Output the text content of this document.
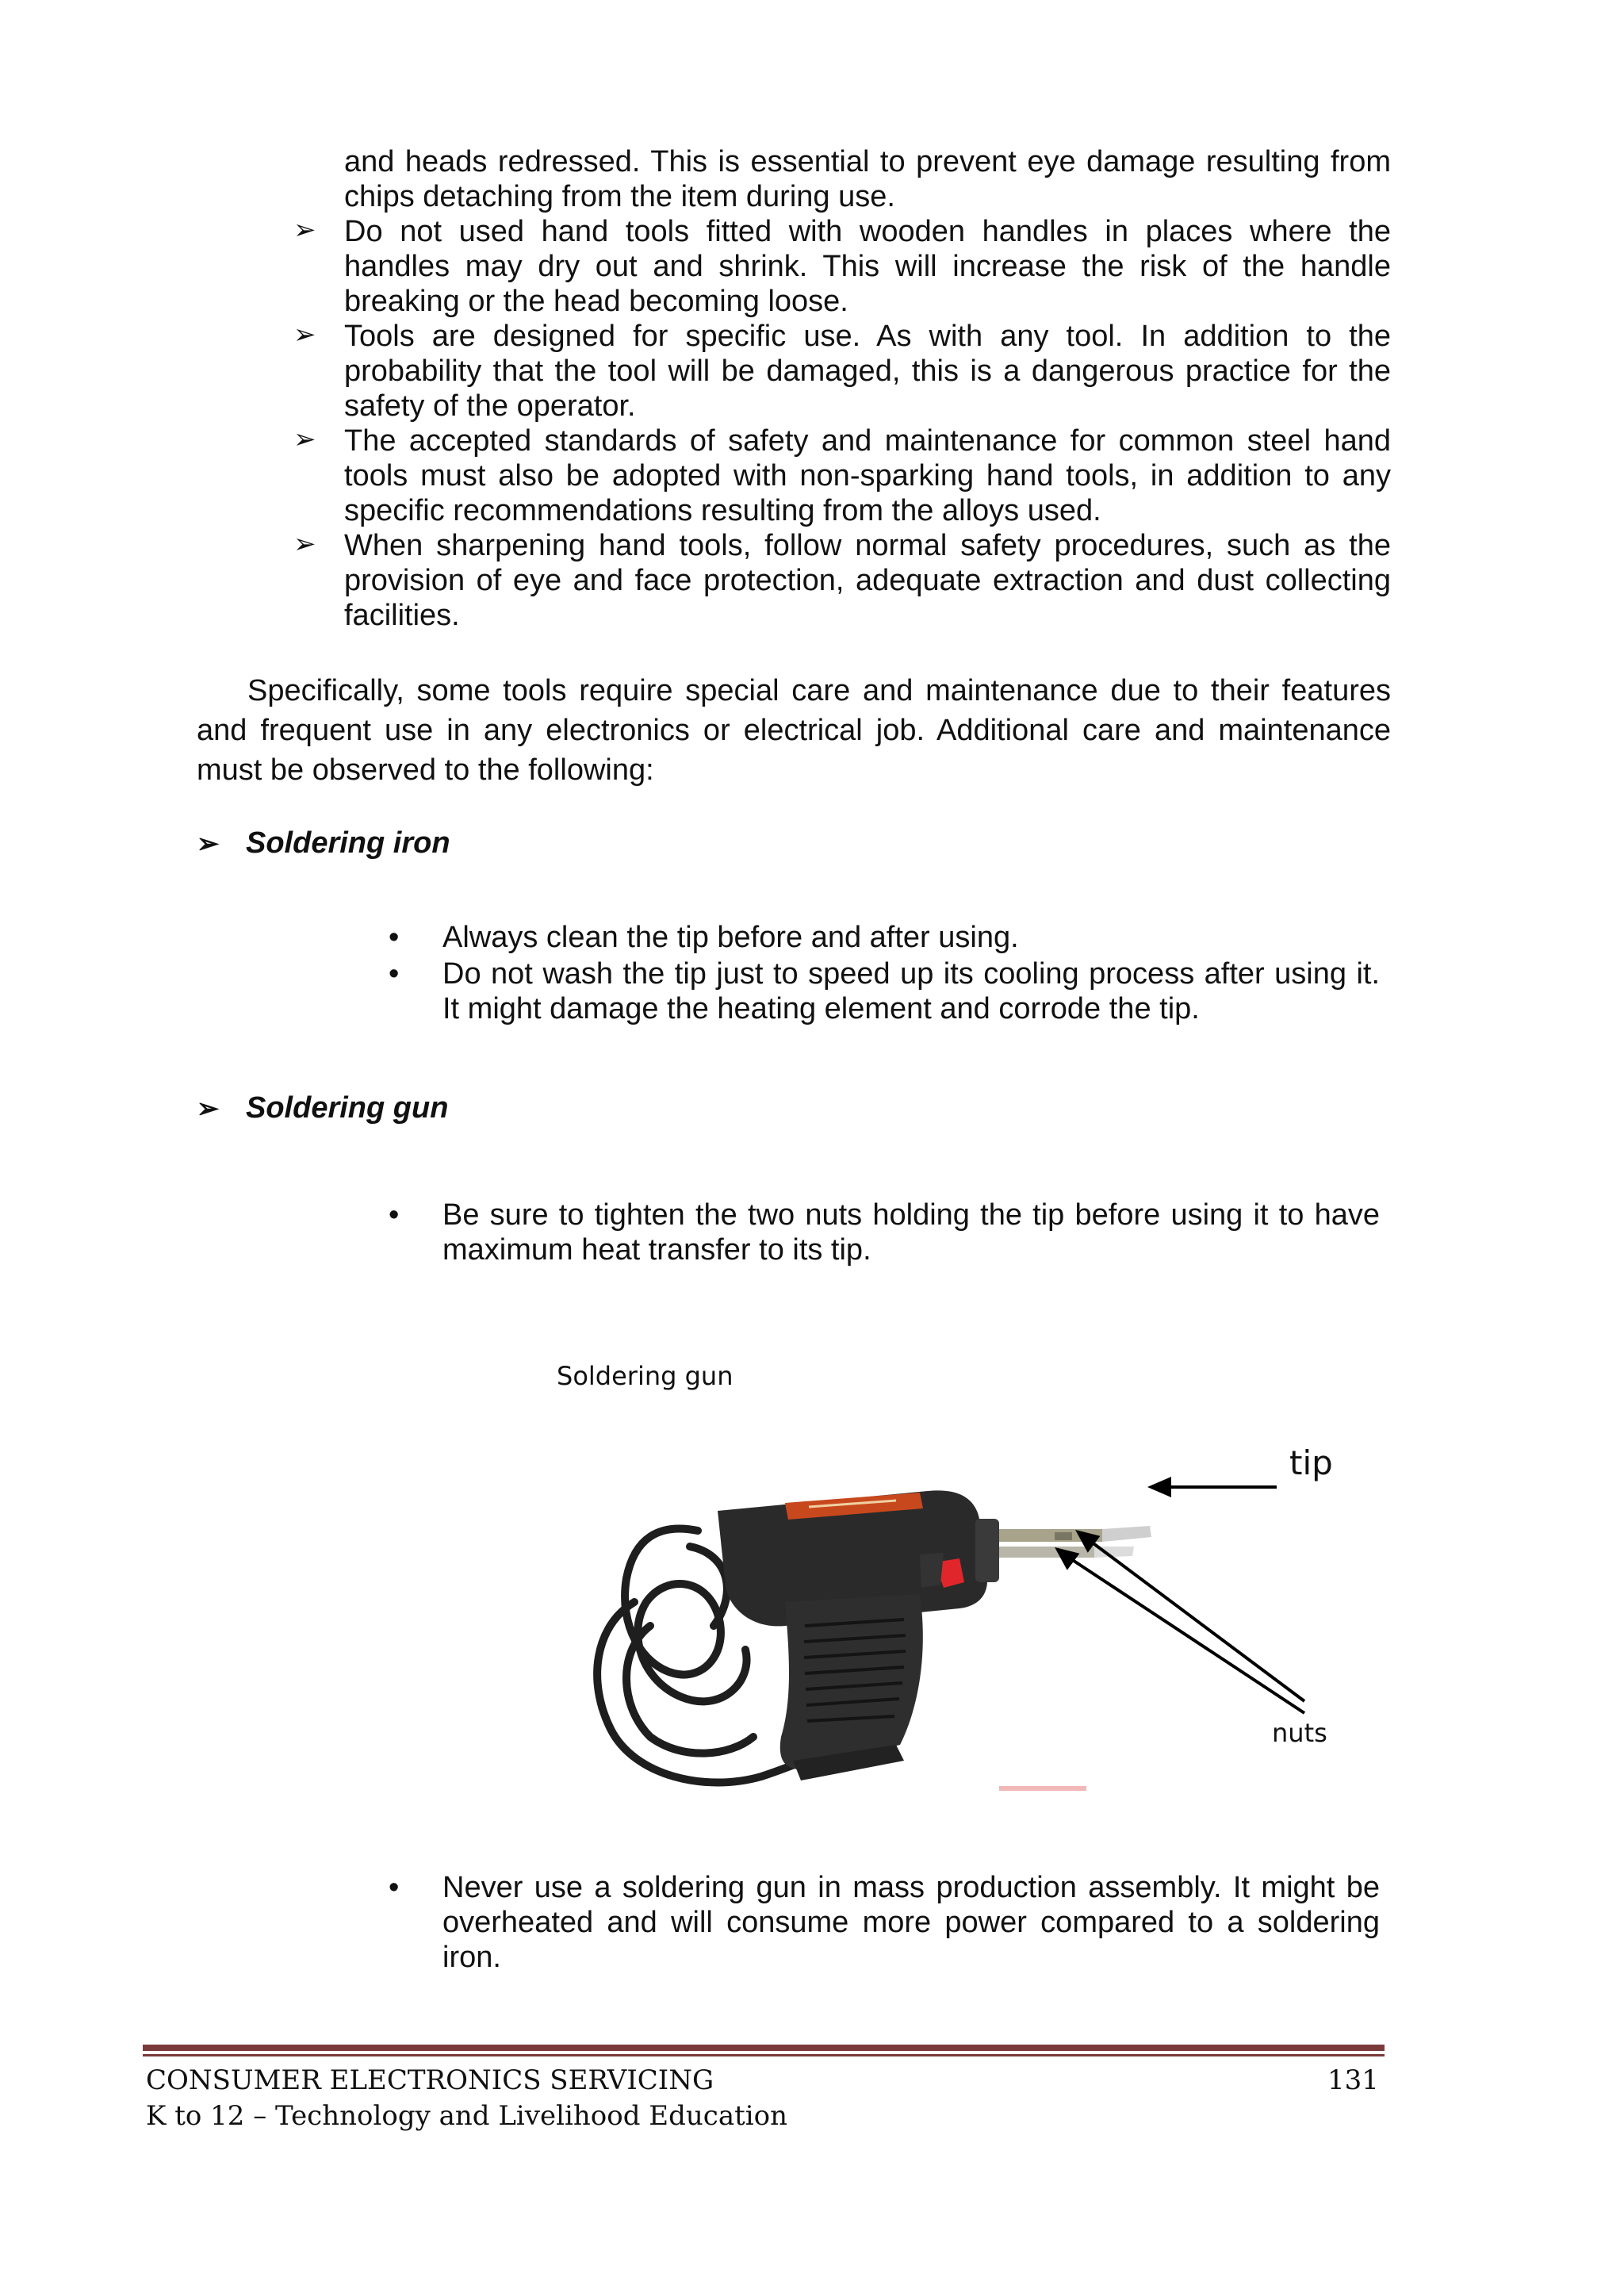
and heads redressed. This is essential to prevent eye damage resulting from chips detaching from the item during use.
➢ Do not used hand tools fitted with wooden handles in places where the handles may dry out and shrink. This will increase the risk of the handle breaking or the head becoming loose.

➢ Tools are designed for specific use. As with any tool. In addition to the probability that the tool will be damaged, this is a dangerous practice for the safety of the operator.

➢ The accepted standards of safety and maintenance for common steel hand tools must also be adopted with non-sparking hand tools, in addition to any specific recommendations resulting from the alloys used.

➢ When sharpening hand tools, follow normal safety procedures, such as the provision of eye and face protection, adequate extraction and dust collecting facilities.

Specifically, some tools require special care and maintenance due to their features and frequent use in any electronics or electrical job. Additional care and maintenance must be observed to the following:

➢ Soldering iron
• Always clean the tip before and after using.
• Do not wash the tip just to speed up its cooling process after using it. It might damage the heating element and corrode the tip.
➢ Soldering gun
• Be sure to tighten the two nuts holding the tip before using it to have maximum heat transfer to its tip.
Soldering gun
tip
nuts
• Never use a soldering gun in mass production assembly. It might be overheated and will consume more power compared to a soldering iron.
CONSUMER ELECTRONICS SERVICING
K to 12 – Technology and Livelihood Education
131
